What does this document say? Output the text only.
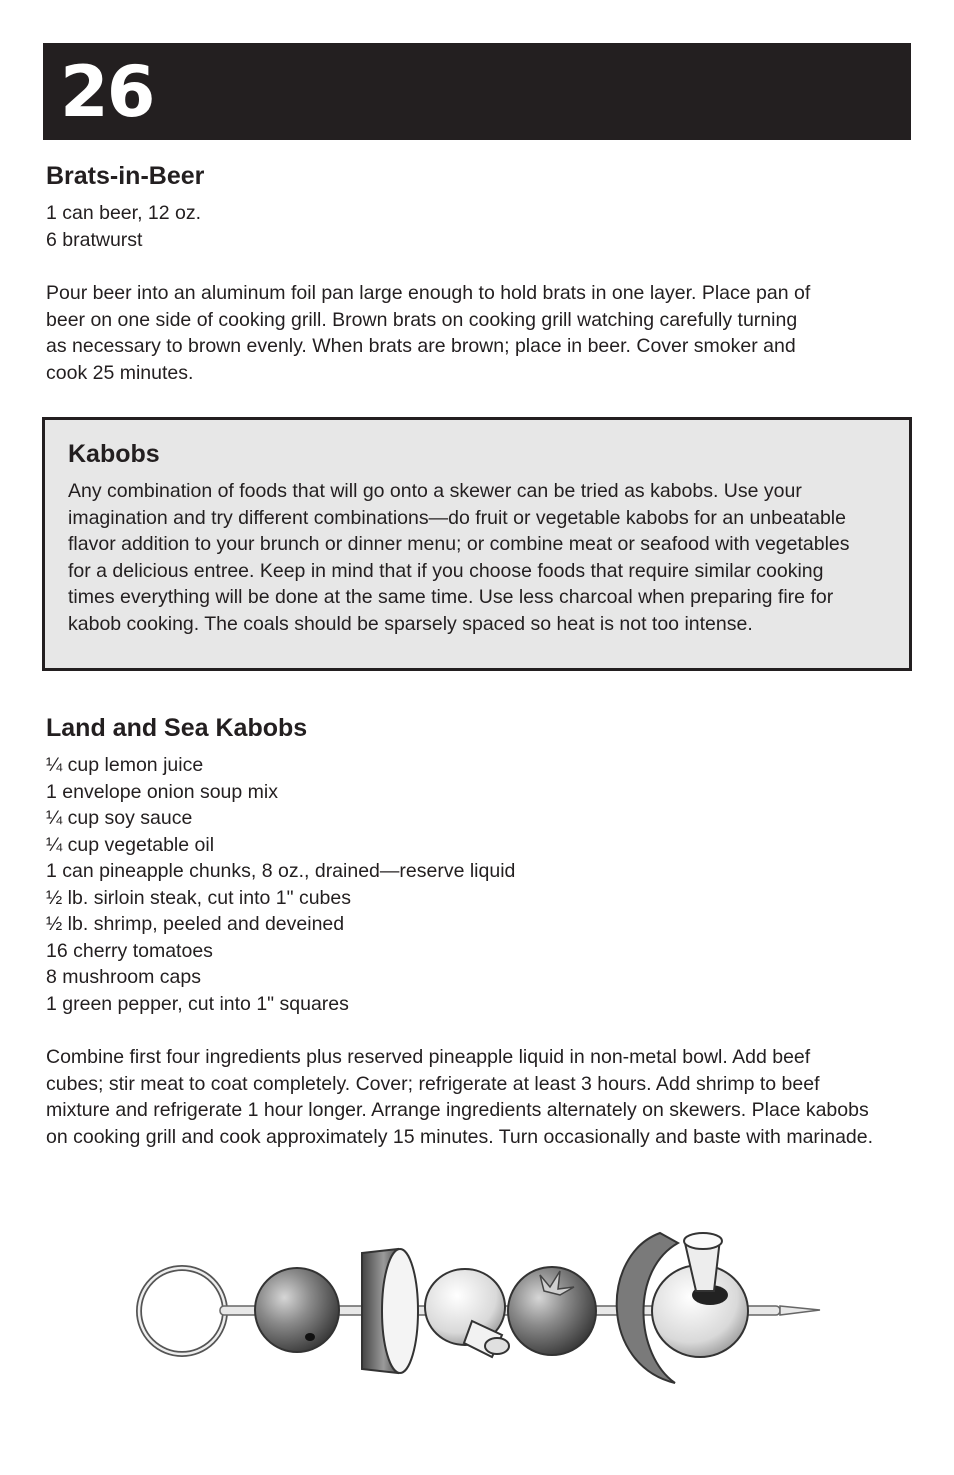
26
Brats-in-Beer
1 can beer, 12 oz.
6 bratwurst
Pour beer into an aluminum foil pan large enough to hold brats in one layer. Place pan of
beer on one side of cooking grill. Brown brats on cooking grill watching carefully turning
as necessary to brown evenly. When brats are brown; place in beer. Cover smoker and
cook 25 minutes.
Kabobs
Any combination of foods that will go onto a skewer can be tried as kabobs. Use your
imagination and try different combinations—do fruit or vegetable kabobs for an unbeatable
flavor addition to your brunch or dinner menu; or combine meat or seafood with vegetables
for a delicious entree. Keep in mind that if you choose foods that require similar cooking
times everything will be done at the same time. Use less charcoal when preparing fire for
kabob cooking. The coals should be sparsely spaced so heat is not too intense.
Land and Sea Kabobs
¼ cup lemon juice
1 envelope onion soup mix
¼ cup soy sauce
¼ cup vegetable oil
1 can pineapple chunks, 8 oz., drained—reserve liquid
½ lb. sirloin steak, cut into 1" cubes
½ lb. shrimp, peeled and deveined
16 cherry tomatoes
8 mushroom caps
1 green pepper, cut into 1" squares
Combine first four ingredients plus reserved pineapple liquid in non-metal bowl. Add beef
cubes; stir meat to coat completely. Cover; refrigerate at least 3 hours. Add shrimp to beef
mixture and refrigerate 1 hour longer. Arrange ingredients alternately on skewers. Place kabobs
on cooking grill and cook approximately 15 minutes. Turn occasionally and baste with marinade.
